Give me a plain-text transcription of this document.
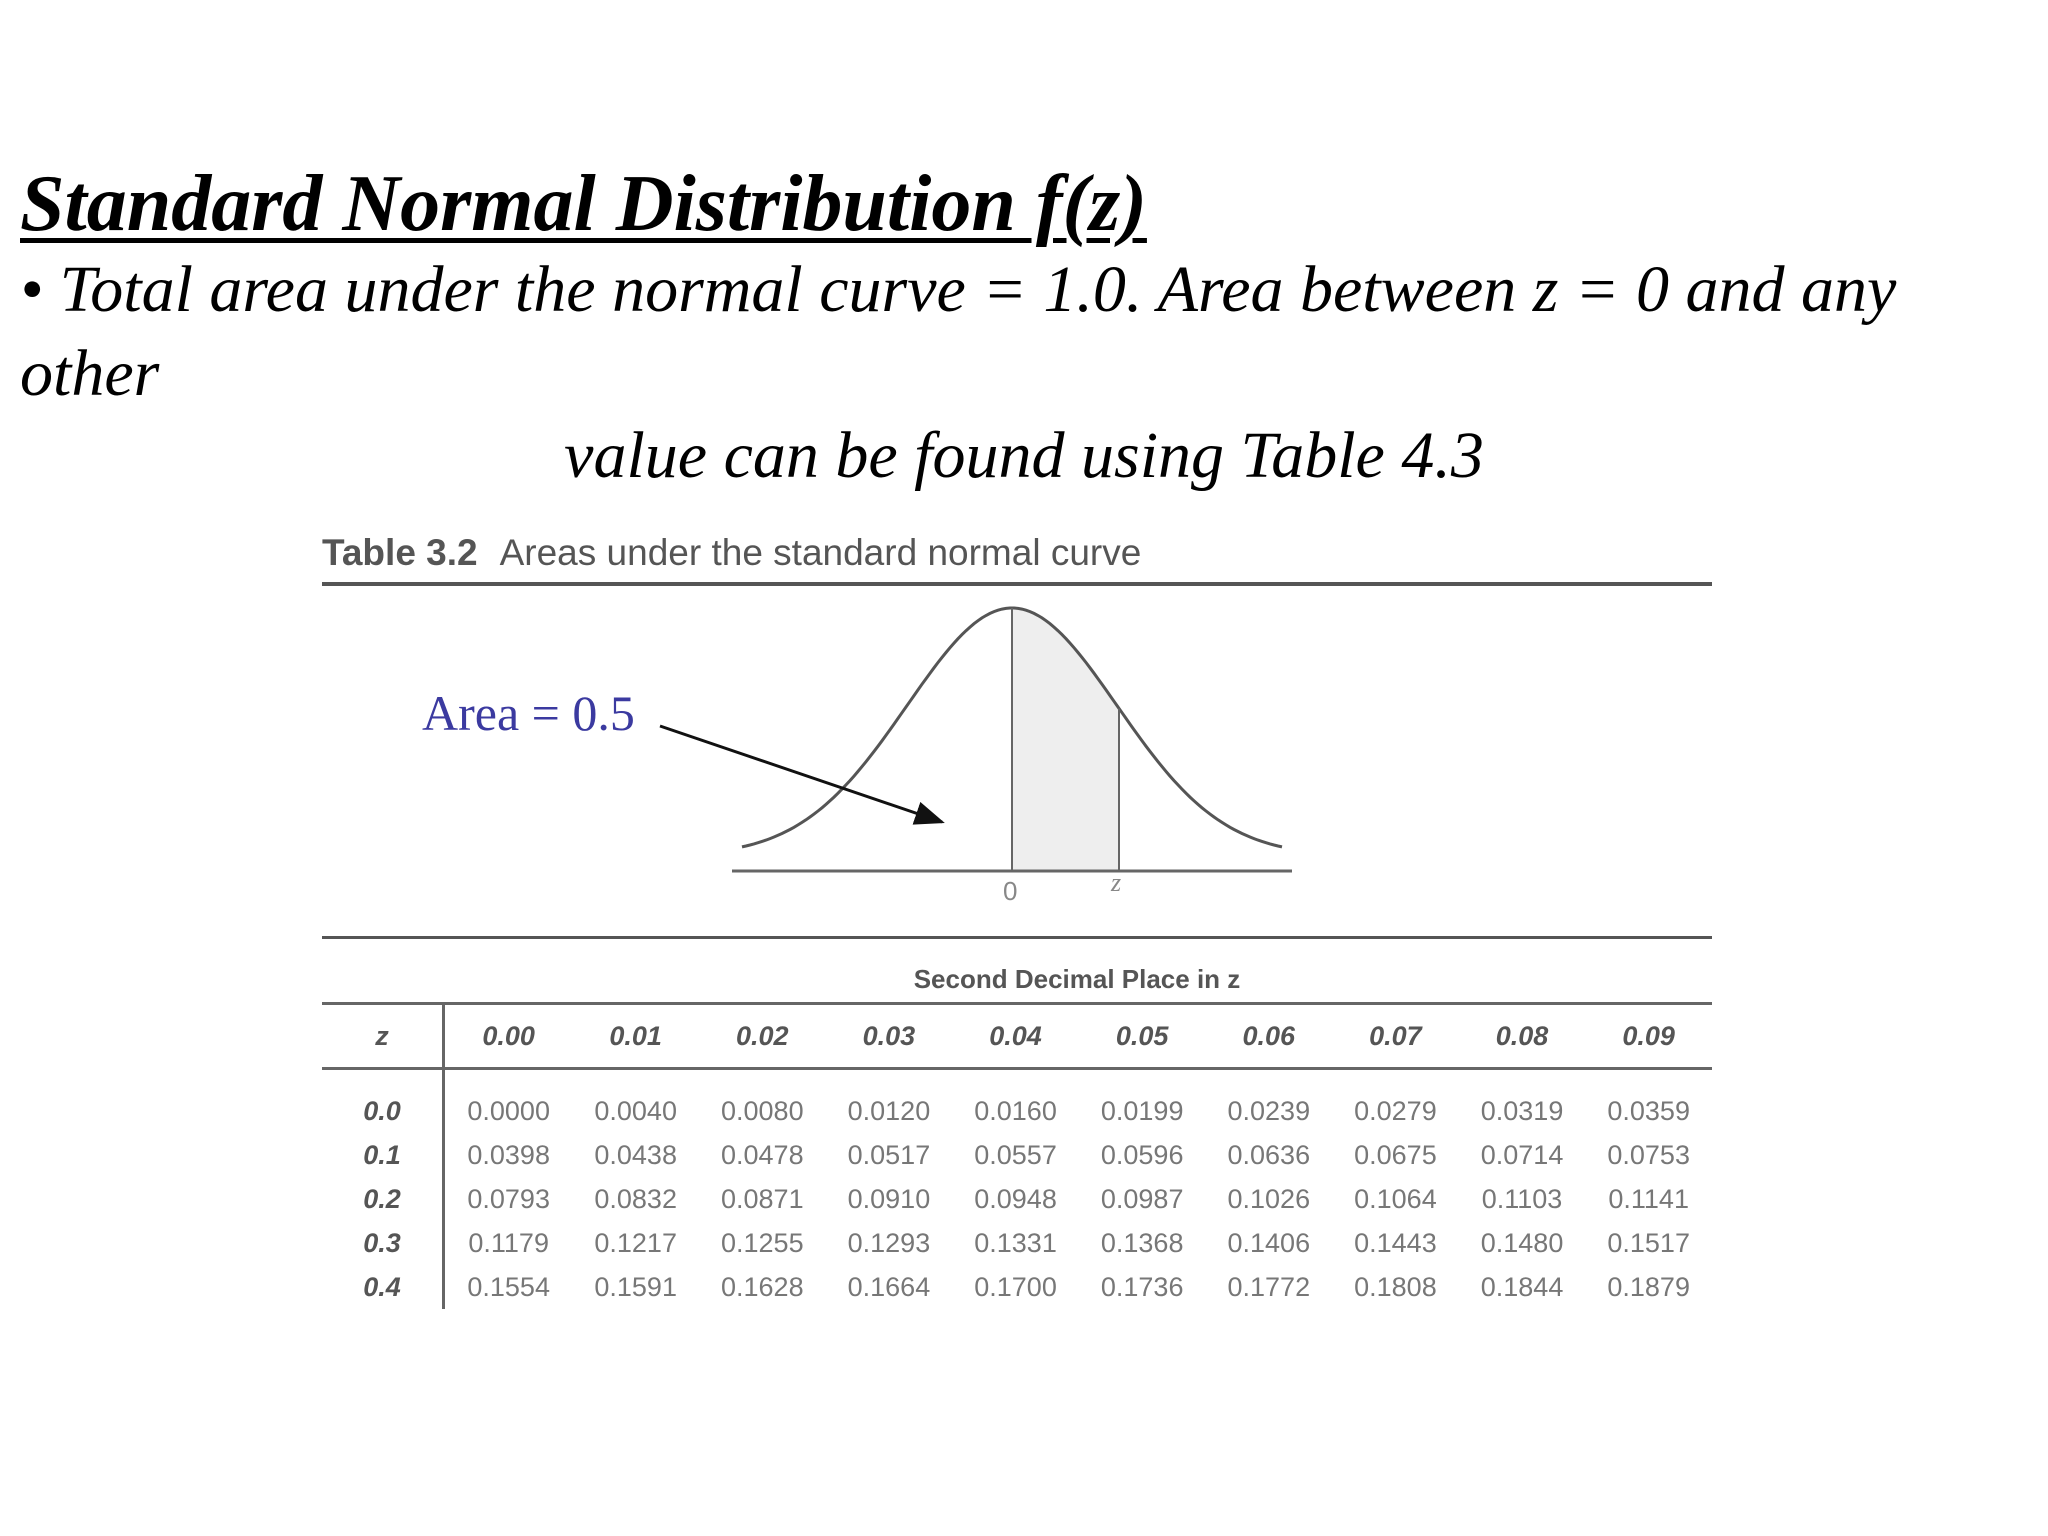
Standard Normal Distribution f(z)
• Total area under the normal curve = 1.0. Area between z = 0 and any other
value can be found using Table 4.3
Table 3.2 Areas under the standard normal curve
Area = 0.5
0	z
Second Decimal Place in z
z	0.00	0.01	0.02	0.03	0.04	0.05	0.06	0.07	0.08	0.09
0.0	0.0000	0.0040	0.0080	0.0120	0.0160	0.0199	0.0239	0.0279	0.0319	0.0359
0.1	0.0398	0.0438	0.0478	0.0517	0.0557	0.0596	0.0636	0.0675	0.0714	0.0753
0.2	0.0793	0.0832	0.0871	0.0910	0.0948	0.0987	0.1026	0.1064	0.1103	0.1141
0.3	0.1179	0.1217	0.1255	0.1293	0.1331	0.1368	0.1406	0.1443	0.1480	0.1517
0.4	0.1554	0.1591	0.1628	0.1664	0.1700	0.1736	0.1772	0.1808	0.1844	0.1879
